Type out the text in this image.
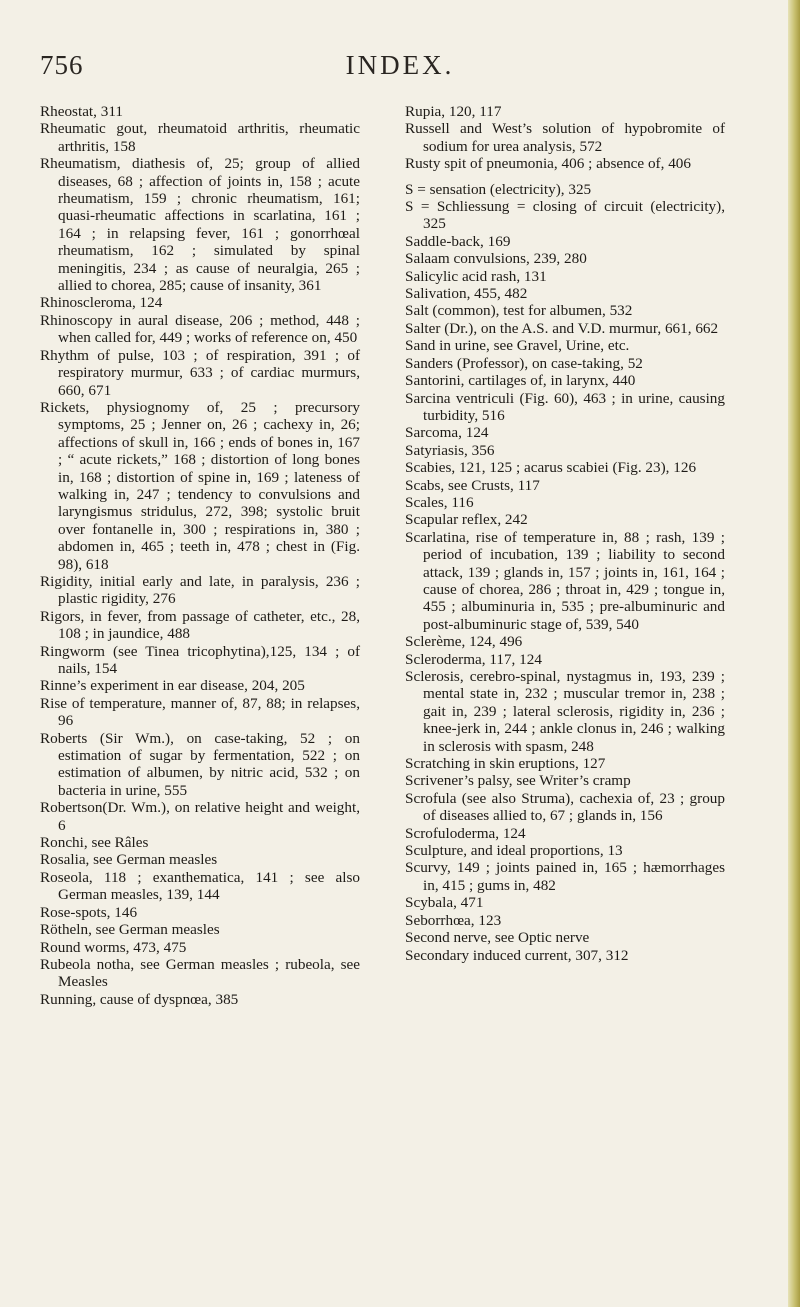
756	INDEX.

Rheostat, 311

Rheumatic gout, rheumatoid arthritis, rheumatic arthritis, 158

Rheumatism, diathesis of, 25; group of allied diseases, 68 ; affection of joints in, 158 ; acute rheumatism, 159 ; chronic rheumatism, 161; quasi-rheumatic affections in scarlatina, 161 ; 164 ; in relapsing fever, 161 ; gonorrhœal rheumatism, 162 ; simulated by spinal meningitis, 234 ; as cause of neuralgia, 265 ; allied to chorea, 285; cause of insanity, 361

Rhinoscleroma, 124

Rhinoscopy in aural disease, 206 ; method, 448 ; when called for, 449 ; works of reference on, 450

Rhythm of pulse, 103 ; of respiration, 391 ; of respiratory murmur, 633 ; of cardiac murmurs, 660, 671

Rickets, physiognomy of, 25 ; precursory symptoms, 25 ; Jenner on, 26 ; cachexy in, 26; affections of skull in, 166 ; ends of bones in, 167 ; “ acute rickets,” 168 ; distortion of long bones in, 168 ; distortion of spine in, 169 ; lateness of walking in, 247 ; tendency to convulsions and laryngismus stridulus, 272, 398; systolic bruit over fontanelle in, 300 ; respirations in, 380 ; abdomen in, 465 ; teeth in, 478 ; chest in (Fig. 98), 618

Rigidity, initial early and late, in paralysis, 236 ; plastic rigidity, 276

Rigors, in fever, from passage of catheter, etc., 28, 108 ; in jaundice, 488

Ringworm (see Tinea tricophytina),125, 134 ; of nails, 154

Rinne’s experiment in ear disease, 204, 205

Rise of temperature, manner of, 87, 88; in relapses, 96

Roberts (Sir Wm.), on case-taking, 52 ; on estimation of sugar by fermentation, 522 ; on estimation of albumen, by nitric acid, 532 ; on bacteria in urine, 555

Robertson(Dr. Wm.), on relative height and weight, 6

Ronchi, see Râles

Rosalia, see German measles

Roseola, 118 ; exanthematica, 141 ; see also German measles, 139, 144

Rose-spots, 146

Rötheln, see German measles

Round worms, 473, 475

Rubeola notha, see German measles ; rubeola, see Measles

Running, cause of dyspnœa, 385

Rupia, 120, 117

Russell and West’s solution of hypobromite of sodium for urea analysis, 572

Rusty spit of pneumonia, 406 ; absence of, 406

S = sensation (electricity), 325

S = Schliessung = closing of circuit (electricity), 325

Saddle-back, 169

Salaam convulsions, 239, 280

Salicylic acid rash, 131

Salivation, 455, 482

Salt (common), test for albumen, 532

Salter (Dr.), on the A.S. and V.D. murmur, 661, 662

Sand in urine, see Gravel, Urine, etc.

Sanders (Professor), on case-taking, 52

Santorini, cartilages of, in larynx, 440

Sarcina ventriculi (Fig. 60), 463 ; in urine, causing turbidity, 516

Sarcoma, 124

Satyriasis, 356

Scabies, 121, 125 ; acarus scabiei (Fig. 23), 126

Scabs, see Crusts, 117

Scales, 116

Scapular reflex, 242

Scarlatina, rise of temperature in, 88 ; rash, 139 ; period of incubation, 139 ; liability to second attack, 139 ; glands in, 157 ; joints in, 161, 164 ; cause of chorea, 286 ; throat in, 429 ; tongue in, 455 ; albuminuria in, 535 ; pre-albuminuric and post-albuminuric stage of, 539, 540

Sclerème, 124, 496

Scleroderma, 117, 124

Sclerosis, cerebro-spinal, nystagmus in, 193, 239 ; mental state in, 232 ; muscular tremor in, 238 ; gait in, 239 ; lateral sclerosis, rigidity in, 236 ; knee-jerk in, 244 ; ankle clonus in, 246 ; walking in sclerosis with spasm, 248

Scratching in skin eruptions, 127

Scrivener’s palsy, see Writer’s cramp

Scrofula (see also Struma), cachexia of, 23 ; group of diseases allied to, 67 ; glands in, 156

Scrofuloderma, 124

Sculpture, and ideal proportions, 13

Scurvy, 149 ; joints pained in, 165 ; hæmorrhages in, 415 ; gums in, 482

Scybala, 471

Seborrhœa, 123

Second nerve, see Optic nerve

Secondary induced current, 307, 312
